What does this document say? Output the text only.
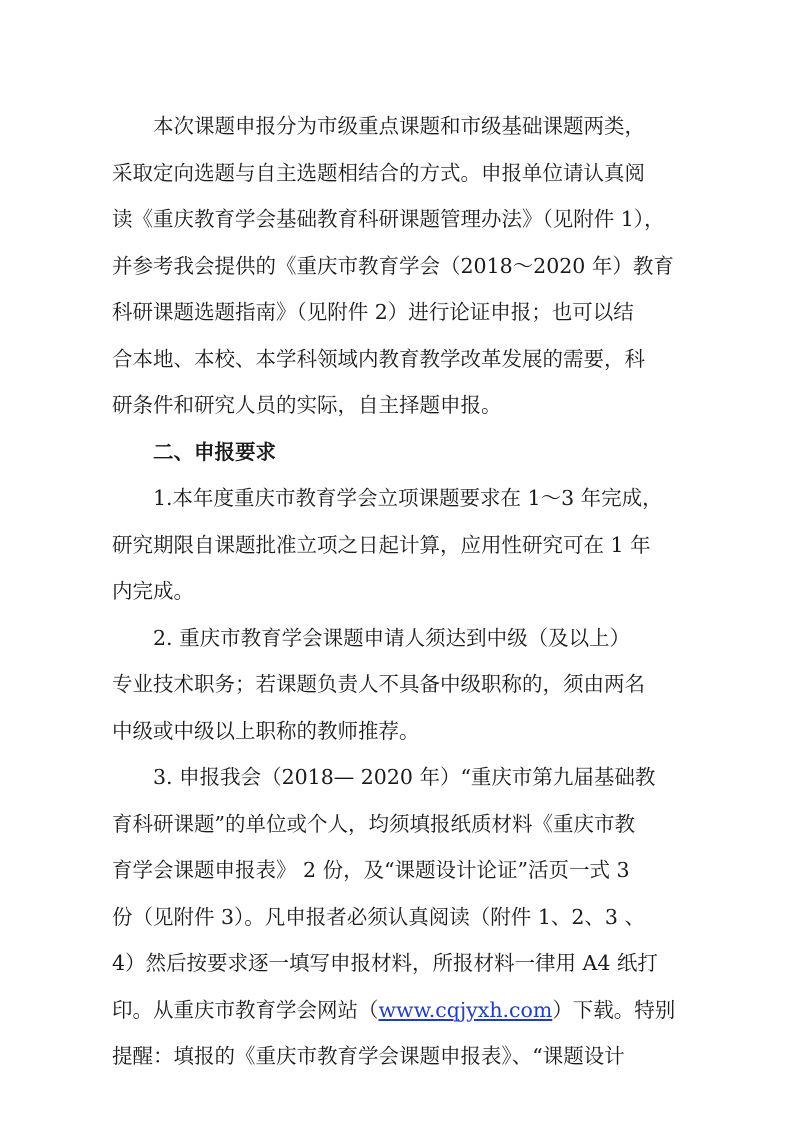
　　本次课题申报分为市级重点课题和市级基础课题两类，
采取定向选题与自主选题相结合的方式。申报单位请认真阅
读《重庆教育学会基础教育科研课题管理办法》（见附件 1），
并参考我会提供的《重庆市教育学会（2018～2020 年）教育
科研课题选题指南》（见附件 2）进行论证申报；也可以结
合本地、本校、本学科领域内教育教学改革发展的需要，科
研条件和研究人员的实际，自主择题申报。

　　二、申报要求

　　1.本年度重庆市教育学会立项课题要求在 1～3 年完成，
研究期限自课题批准立项之日起计算，应用性研究可在 1 年
内完成。

　　2. 重庆市教育学会课题申请人须达到中级（及以上）
专业技术职务；若课题负责人不具备中级职称的，须由两名
中级或中级以上职称的教师推荐。

　　3. 申报我会（2018— 2020 年）“重庆市第九届基础教
育科研课题”的单位或个人，均须填报纸质材料《重庆市教
育学会课题申报表》 2 份，及“课题设计论证”活页一式 3
份（见附件 3）。凡申报者必须认真阅读（附件 1、2、3 、
4）然后按要求逐一填写申报材料，所报材料一律用 A4 纸打
印。从重庆市教育学会网站（www.cqjyxh.com）下载。特别
提醒：填报的《重庆市教育学会课题申报表》、“课题设计
